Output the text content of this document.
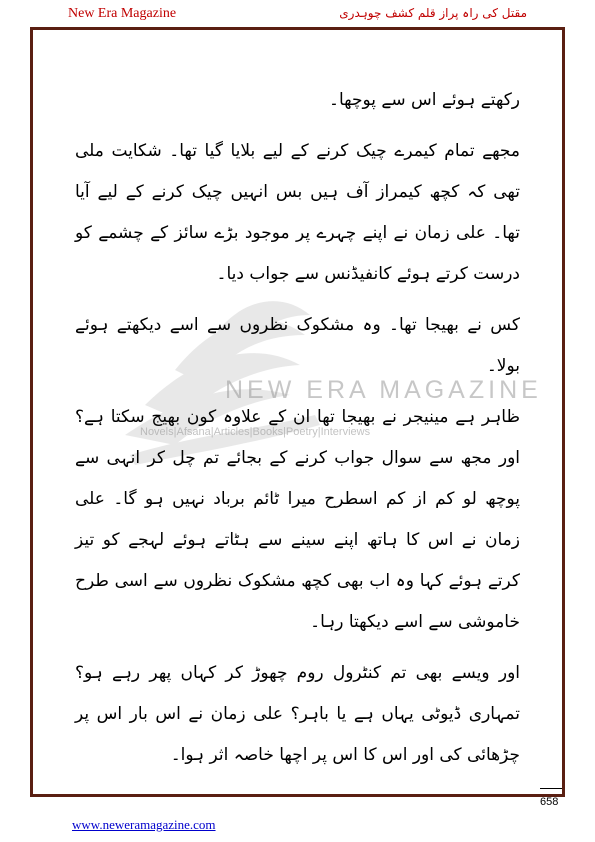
New Era Magazine	مقتل کی راہ پراز قلم کشف چوہدری
NEW ERA MAGAZINE
Novels|Afsana|Articles|Books|Poetry|Interviews

رکھتے ہوئے اس سے پوچھا۔

مجھے تمام کیمرے چیک کرنے کے لیے بلایا گیا تھا۔ شکایت ملی تھی کہ کچھ کیمراز آف ہیں بس انہیں چیک کرنے کے لیے آیا تھا۔ علی زمان نے اپنے چہرے پر موجود بڑے سائز کے چشمے کو درست کرتے ہوئے کانفیڈنس سے جواب دیا۔

کس نے بھیجا تھا۔ وہ مشکوک نظروں سے اسے دیکھتے ہوئے بولا۔

ظاہر ہے مینیجر نے بھیجا تھا ان کے علاوہ کون بھیج سکتا ہے؟ اور مجھ سے سوال جواب کرنے کے بجائے تم چل کر انہی سے پوچھ لو کم از کم اسطرح میرا ٹائم برباد نہیں ہو گا۔ علی زمان نے اس کا ہاتھ اپنے سینے سے ہٹاتے ہوئے لہجے کو تیز کرتے ہوئے کہا وہ اب بھی کچھ مشکوک نظروں سے اسی طرح خاموشی سے اسے دیکھتا رہا۔

اور ویسے بھی تم کنٹرول روم چھوڑ کر کہاں پھر رہے ہو؟ تمہاری ڈیوٹی یہاں ہے یا باہر؟ علی زمان نے اس بار اس پر چڑھائی کی اور اس کا اس پر اچھا خاصہ اثر ہوا۔

658
www.neweramagazine.com
